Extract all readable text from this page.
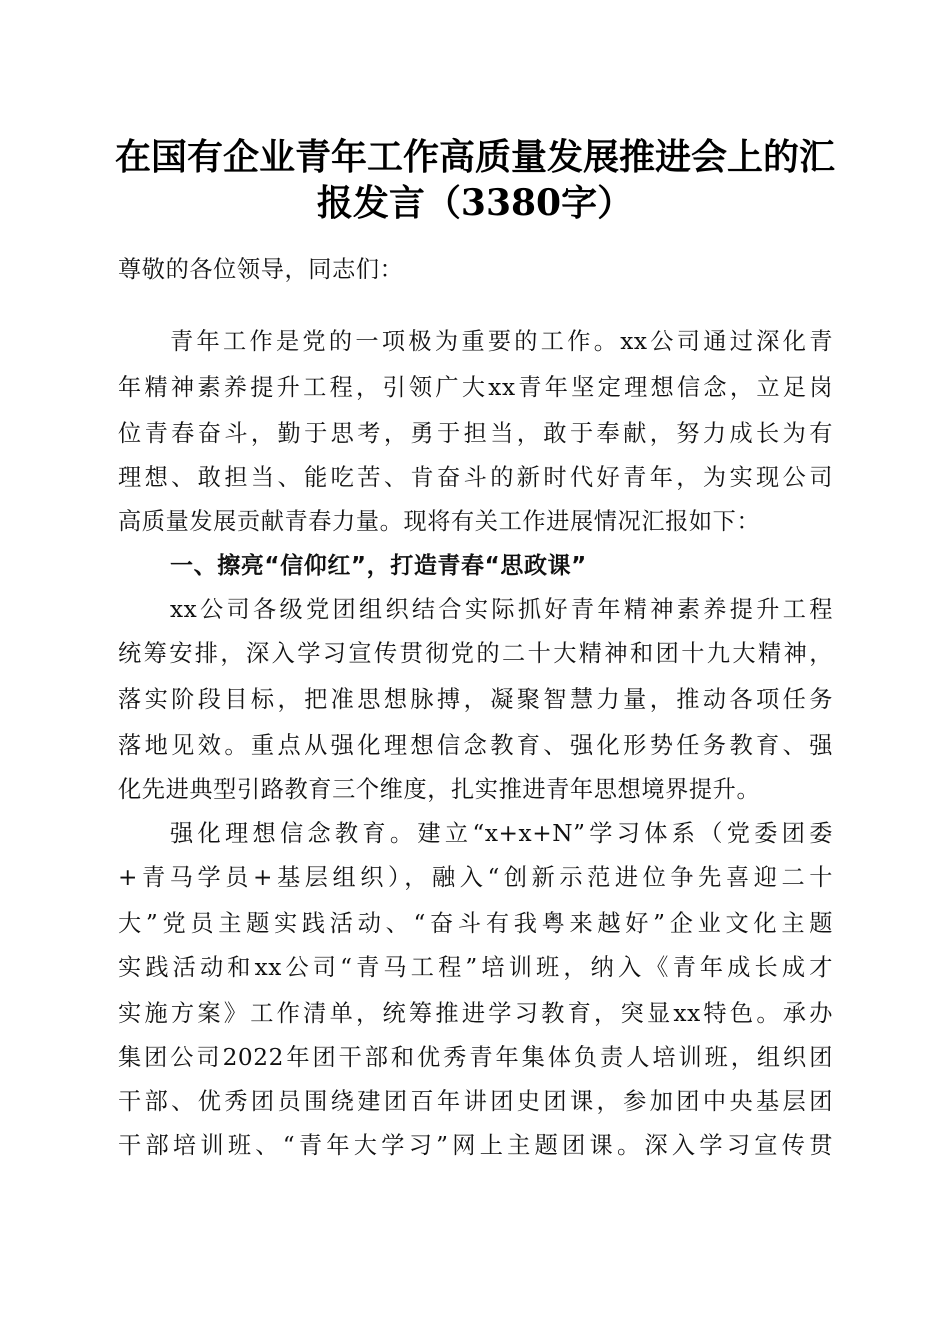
在国有企业青年工作高质量发展推进会上的汇
报发言（3380字）
尊敬的各位领导，同志们：
青年工作是党的一项极为重要的工作。xx公司通过深化青
年精神素养提升工程，引领广大xx青年坚定理想信念，立足岗
位青春奋斗，勤于思考，勇于担当，敢于奉献，努力成长为有
理想、敢担当、能吃苦、肯奋斗的新时代好青年，为实现公司
高质量发展贡献青春力量。现将有关工作进展情况汇报如下：
一、擦亮“信仰红”，打造青春“思政课”
xx公司各级党团组织结合实际抓好青年精神素养提升工程
统筹安排，深入学习宣传贯彻党的二十大精神和团十九大精神，
落实阶段目标，把准思想脉搏，凝聚智慧力量，推动各项任务
落地见效。重点从强化理想信念教育、强化形势任务教育、强
化先进典型引路教育三个维度，扎实推进青年思想境界提升。
强化理想信念教育。建立“x+x+N”学习体系（党委团委
+青马学员+基层组织），融入“创新示范进位争先喜迎二十
大”党员主题实践活动、“奋斗有我粤来越好”企业文化主题
实践活动和xx公司“青马工程”培训班，纳入《青年成长成才
实施方案》工作清单，统筹推进学习教育，突显xx特色。承办
集团公司2022年团干部和优秀青年集体负责人培训班，组织团
干部、优秀团员围绕建团百年讲团史团课，参加团中央基层团
干部培训班、“青年大学习”网上主题团课。深入学习宣传贯
